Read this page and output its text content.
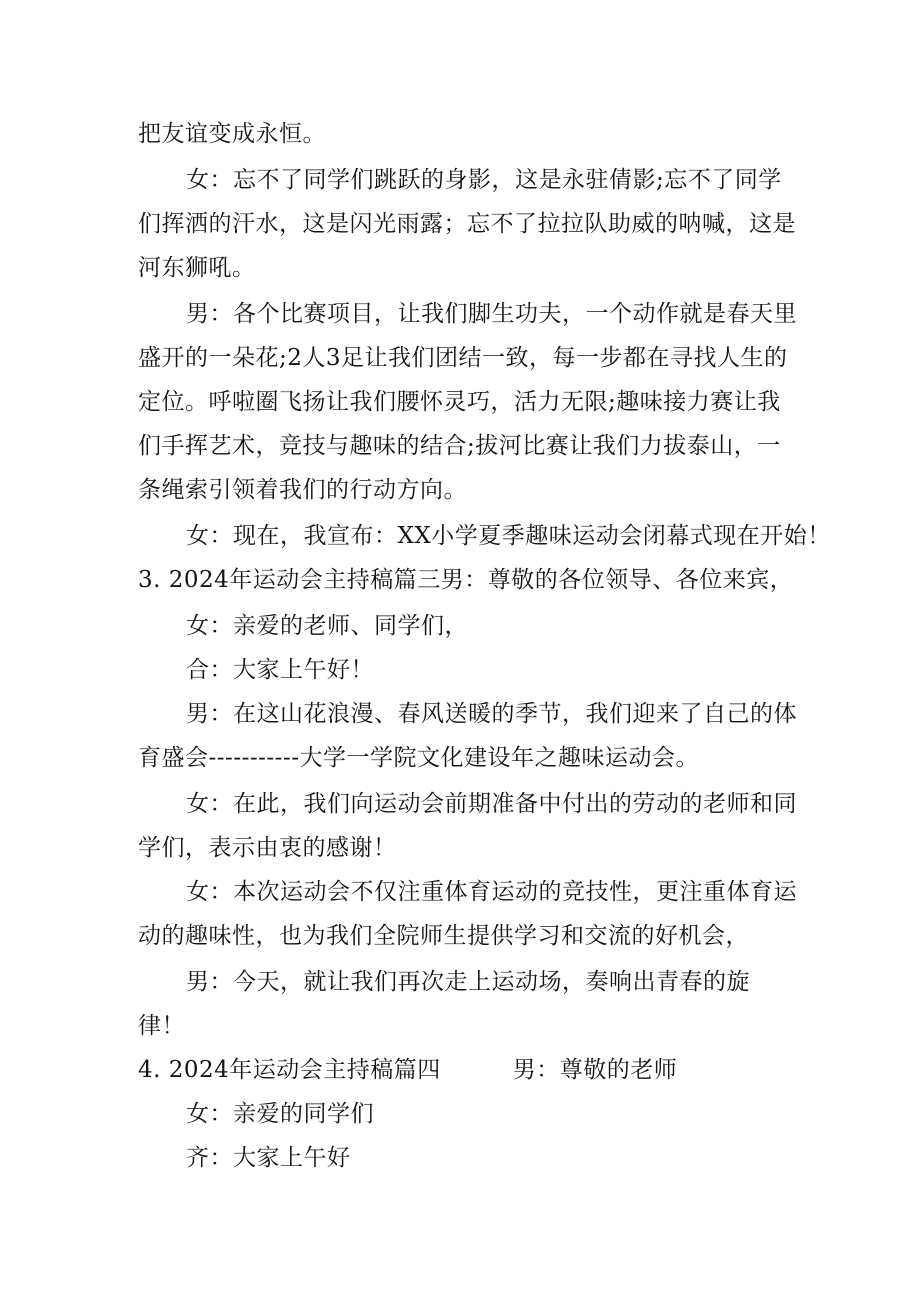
把友谊变成永恒。
女：忘不了同学们跳跃的身影，这是永驻倩影;忘不了同学
们挥洒的汗水，这是闪光雨露；忘不了拉拉队助威的呐喊，这是
河东狮吼。
男：各个比赛项目，让我们脚生功夫，一个动作就是春天里
盛开的一朵花;2人3足让我们团结一致，每一步都在寻找人生的
定位。呼啦圈飞扬让我们腰怀灵巧，活力无限;趣味接力赛让我
们手挥艺术，竞技与趣味的结合;拔河比赛让我们力拔泰山，一
条绳索引领着我们的行动方向。
女：现在，我宣布：XX小学夏季趣味运动会闭幕式现在开始！
3. 2024年运动会主持稿篇三男：尊敬的各位领导、各位来宾，
女：亲爱的老师、同学们，
合：大家上午好！
男：在这山花浪漫、春风送暖的季节，我们迎来了自己的体
育盛会-----------大学一学院文化建设年之趣味运动会。
女：在此，我们向运动会前期准备中付出的劳动的老师和同
学们，表示由衷的感谢！
女：本次运动会不仅注重体育运动的竞技性，更注重体育运
动的趣味性，也为我们全院师生提供学习和交流的好机会，
男：今天，就让我们再次走上运动场，奏响出青春的旋
律！
4. 2024年运动会主持稿篇四	男：尊敬的老师
女：亲爱的同学们
齐：大家上午好
